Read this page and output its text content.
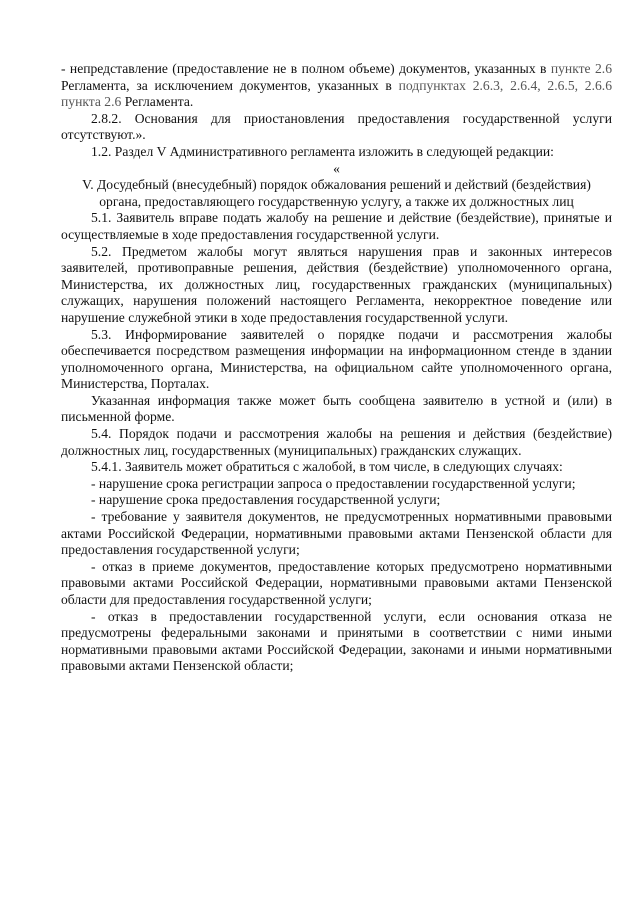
- непредставление (предоставление не в полном объеме) документов, указанных в пункте 2.6 Регламента, за исключением документов, указанных в подпунктах 2.6.3, 2.6.4, 2.6.5, 2.6.6 пункта 2.6 Регламента.

2.8.2. Основания для приостановления предоставления государственной услуги отсутствуют.».

1.2. Раздел V Административного регламента изложить в следующей редакции:

«

V. Досудебный (внесудебный) порядок обжалования решений и действий (бездействия) органа, предоставляющего государственную услугу, а также их должностных лиц

5.1. Заявитель вправе подать жалобу на решение и действие (бездействие), принятые и осуществляемые в ходе предоставления государственной услуги.

5.2. Предметом жалобы могут являться нарушения прав и законных интересов заявителей, противоправные решения, действия (бездействие) уполномоченного органа, Министерства, их должностных лиц, государственных гражданских (муниципальных) служащих, нарушения положений настоящего Регламента, некорректное поведение или нарушение служебной этики в ходе предоставления государственной услуги.

5.3. Информирование заявителей о порядке подачи и рассмотрения жалобы обеспечивается посредством размещения информации на информационном стенде в здании уполномоченного органа, Министерства, на официальном сайте уполномоченного органа, Министерства, Порталах.

Указанная информация также может быть сообщена заявителю в устной и (или) в письменной форме.

5.4. Порядок подачи и рассмотрения жалобы на решения и действия (бездействие) должностных лиц, государственных (муниципальных) гражданских служащих.

5.4.1. Заявитель может обратиться с жалобой, в том числе, в следующих случаях:

- нарушение срока регистрации запроса о предоставлении государственной услуги;

- нарушение срока предоставления государственной услуги;

- требование у заявителя документов, не предусмотренных нормативными правовыми актами Российской Федерации, нормативными правовыми актами Пензенской области для предоставления государственной услуги;

- отказ в приеме документов, предоставление которых предусмотрено нормативными правовыми актами Российской Федерации, нормативными правовыми актами Пензенской области для предоставления государственной услуги;

- отказ в предоставлении государственной услуги, если основания отказа не предусмотрены федеральными законами и принятыми в соответствии с ними иными нормативными правовыми актами Российской Федерации, законами и иными нормативными правовыми актами Пензенской области;
